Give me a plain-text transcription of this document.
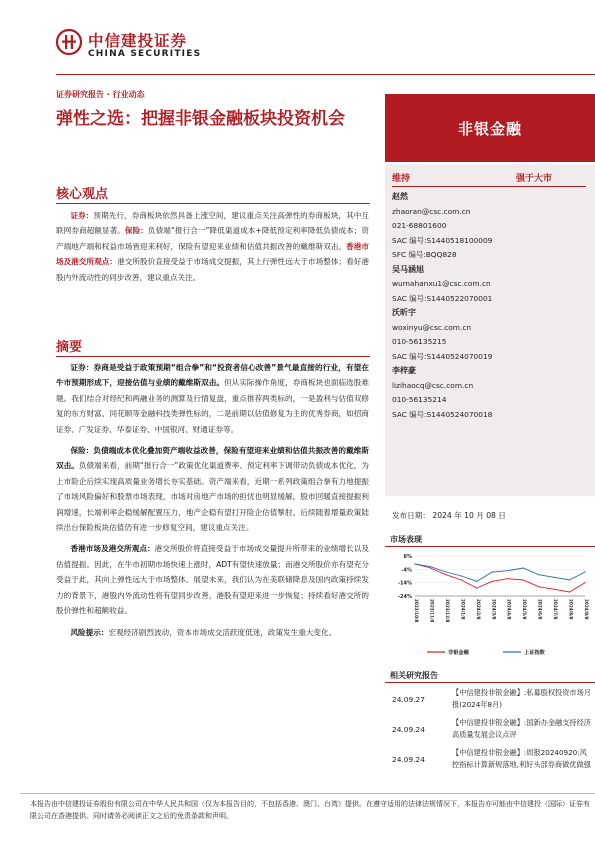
中信建投证券
CHINA SECURITIES
证券研究报告 · 行业动态
弹性之选：把握非银金融板块投资机会	非银金融
核心观点
证券：预期先行，券商板块依然具备上涨空间，建议重点关注高弹性的券商板块，其中互联网券商超额显著。保险：负债端“报行合一”降低渠道成本+降低预定利率降低负债成本；资产端地产端和权益市场皆迎来利好，保险有望迎来业绩和估值共振改善的戴维斯双击。香港市场及港交所观点：港交所股价直接受益于市场成交提振，其上行弹性远大于市场整体；看好港股内外流动性的同步改善，建议重点关注。
摘要
证券：券商是受益于政策预期“组合拳”和“投资者信心改善”景气最直接的行业，有望在牛市预期形成下，迎接估值与业绩的戴维斯双击。但从实际操作角度，券商板块也面临选股难题。我们结合对经纪和两融业务的测算及行情复盘，重点推荐两类标的，一是盈利与估值双修复的东方财富、同花顺等金融科技类弹性标的，二是前期以估值修复为主的优秀券商，如招商证券、广发证券、华泰证券、中国银河、财通证券等。
保险：负债端成本优化叠加资产端收益改善，保险有望迎来业绩和估值共振改善的戴维斯双击。负债端来看，前期“报行合一”政策优化渠道费率、预定利率下调带动负债成本优化，为上市险企后续实现高质量业务增长夯实基础。资产端来看，近期一系列政策组合拳有力地提振了市场风险偏好和股票市场表现，市场对房地产市场的担忧也明显缓解，股市回暖直接提振利润增速，长端利率企稳缓解配置压力，地产企稳有望打开险企估值掣肘。后续随着增量政策陆续出台保险板块估值仍有进一步修复空间，建议重点关注。
香港市场及港交所观点：港交所股价将直接受益于市场成交量提升所带来的业绩增长以及估值提振。因此，在牛市初期市场快速上涨时，ADT有望快速放量；而港交所股价亦有望充分受益于此，其向上弹性远大于市场整体。展望未来，我们认为在美联储降息及国内政策持续发力的背景下，港股内外流动性将有望同步改善，港股有望迎来进一步恢复；持续看好港交所的股价弹性和超额收益。
风险提示：宏观经济剧烈波动，资本市场成交活跃度低迷，政策发生重大变化。
维持	强于大市
赵然
zhaoran@csc.com.cn
021-68801600
SAC 编号:S1440518100009
SFC 编号:BQQ828
吴马涵旭
wumahanxu1@csc.com.cn
SAC 编号:S1440522070001
沃昕宇
woxinyu@csc.com.cn
010-56135215
SAC 编号:S1440524070019
李梓豪
lizihaocq@csc.com.cn
010-56135214
SAC 编号:S1440524070018
发布日期： 2024 年 10 月 08 日
市场表现
6%
-4%
-14%
-24%
2023/10/8 2023/11/8 2023/12/8 2024/1/8 2024/2/8 2024/3/8 2024/4/8 2024/5/8 2024/6/8 2024/7/8 2024/8/8 2024/9/8
非银金融	上证指数
相关研究报告
24.09.27
【中信建投非银金融】:私募股权投资市场月报(2024年8月)
24.09.24
【中信建投非银金融】:国新办金融支持经济高质量发展会议点评
24.09.24
【中信建投非银金融】:周报20240920:风控指标计算新规落地,利好头部券商做优做强
本报告由中信建投证券股份有限公司在中华人民共和国（仅为本报告目的，不包括香港、澳门、台湾）提供。在遵守适用的法律法规情况下，本报告亦可能由中信建投（国际）证券有限公司在香港提供。同时请务必阅读正文之后的免责条款和声明。
